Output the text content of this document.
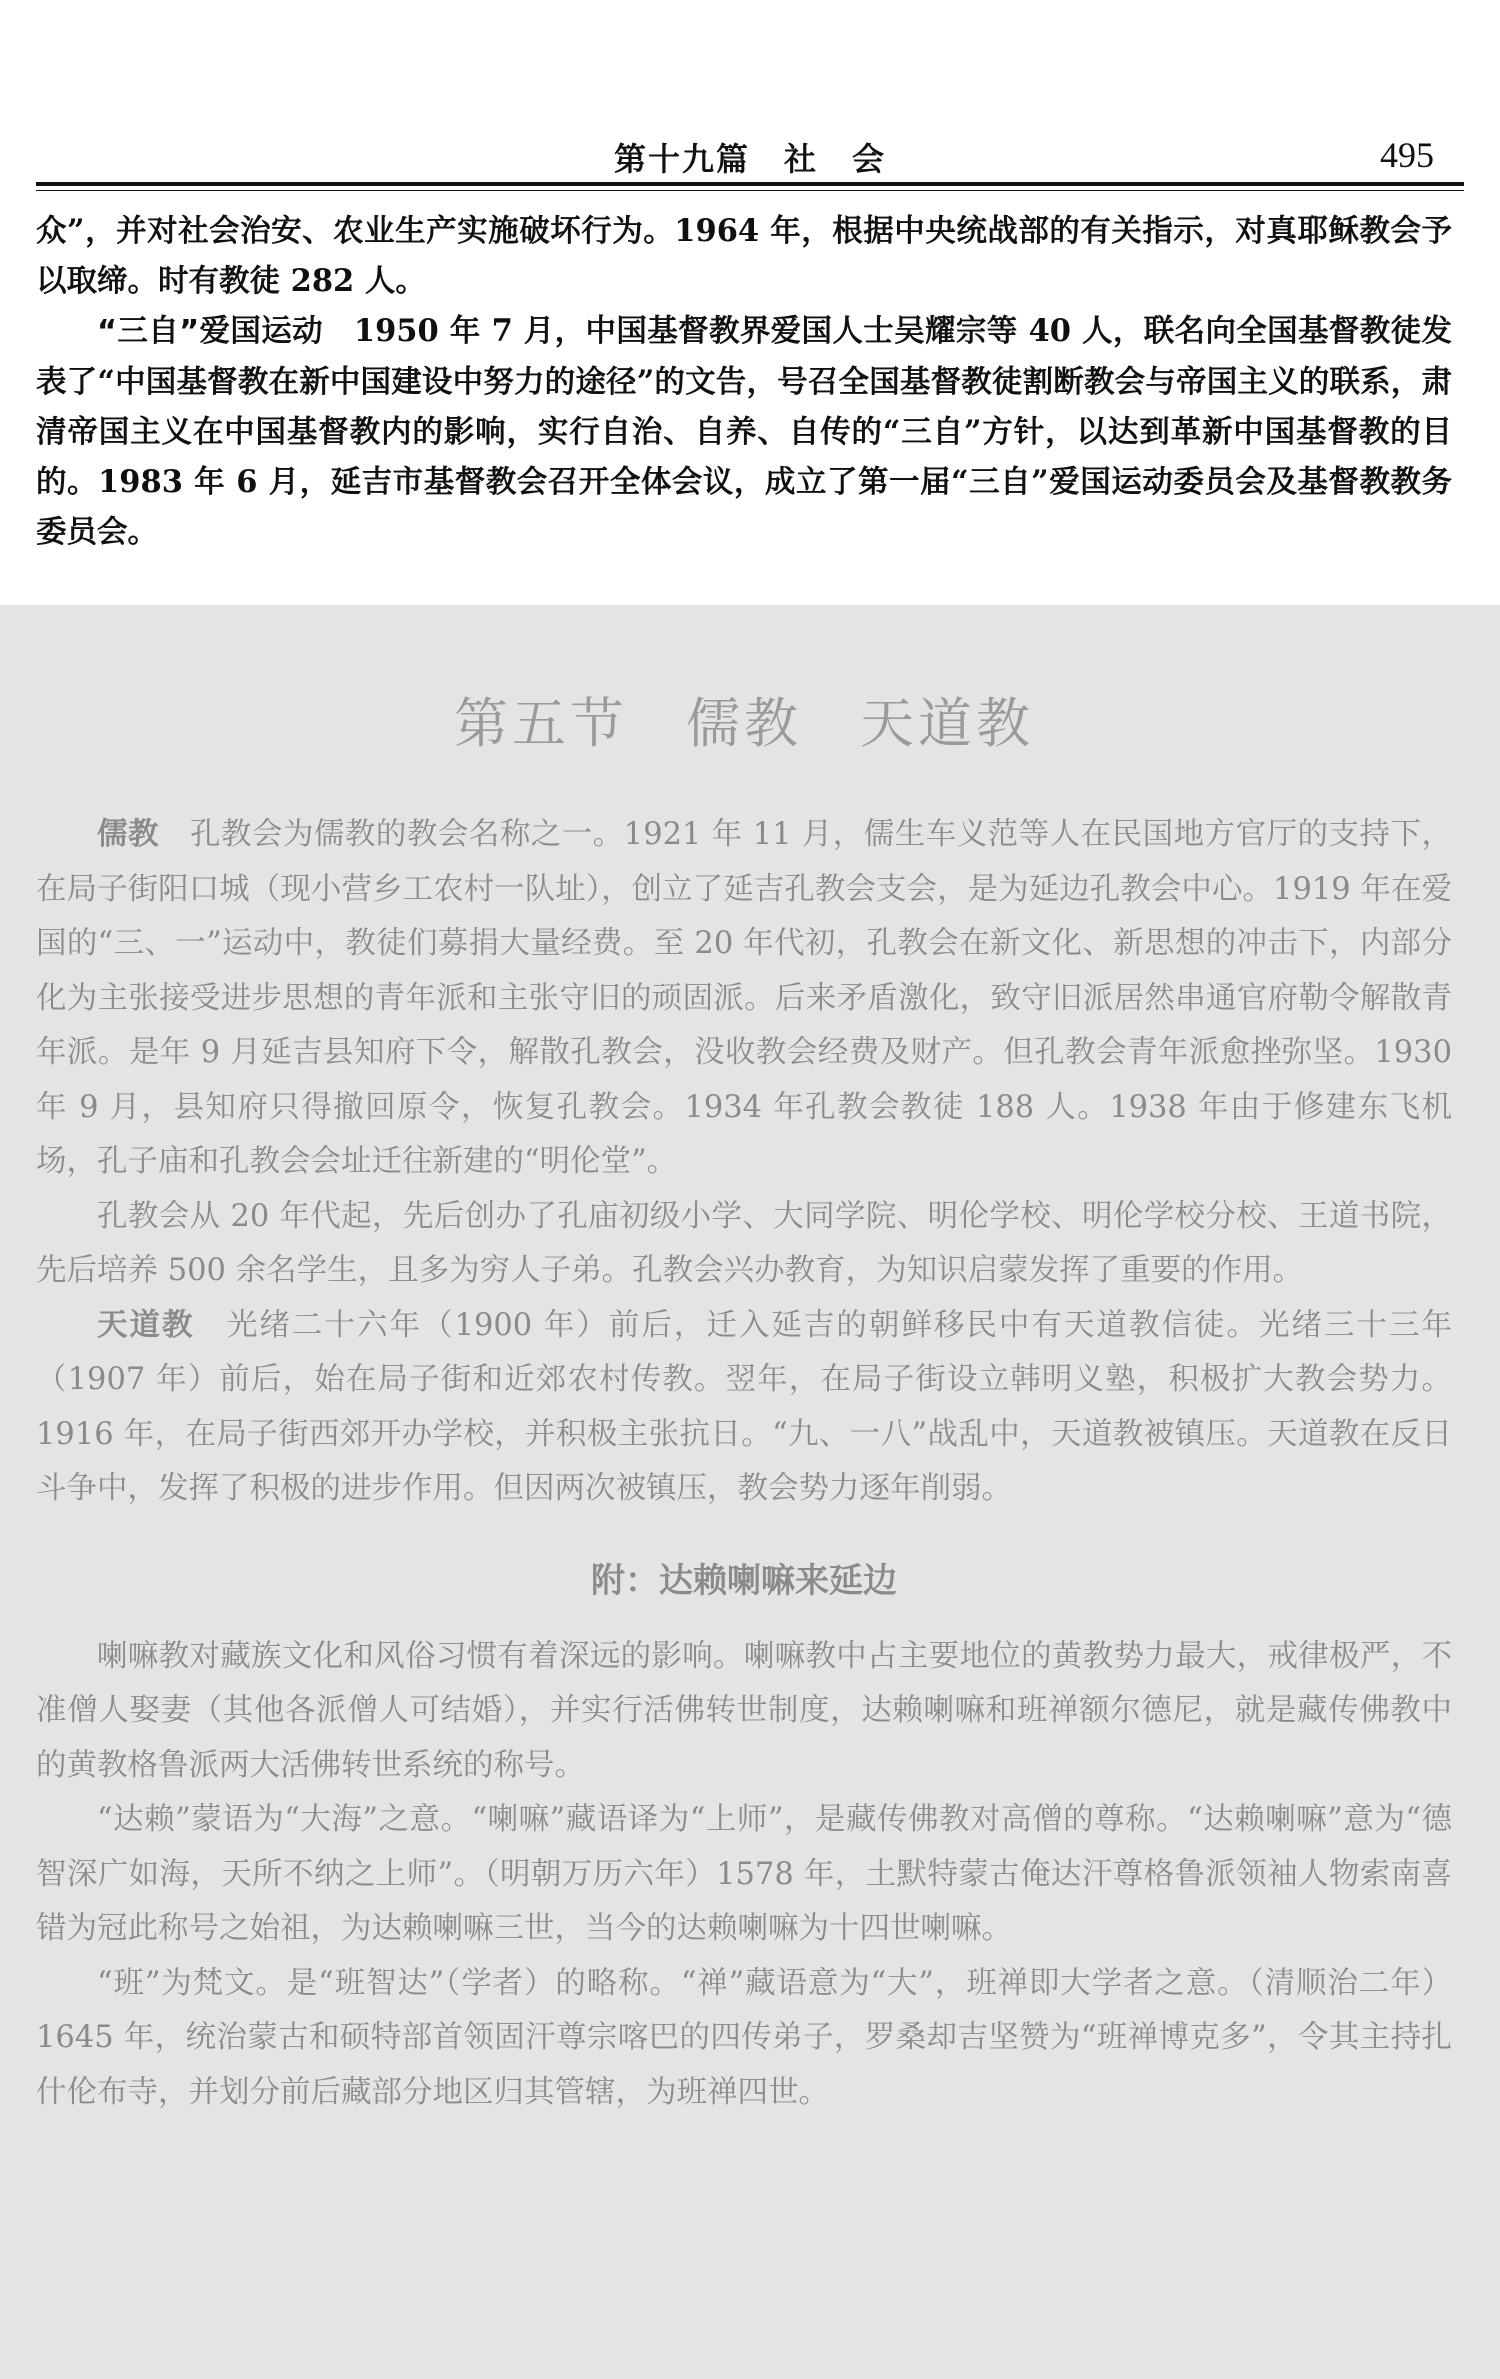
第十九篇　社　会	495

众”，并对社会治安、农业生产实施破坏行为。1964 年，根据中央统战部的有关指示，对真耶稣教会予以取缔。时有教徒 282 人。

“三自”爱国运动　1950 年 7 月，中国基督教界爱国人士吴耀宗等 40 人，联名向全国基督教徒发表了“中国基督教在新中国建设中努力的途径”的文告，号召全国基督教徒割断教会与帝国主义的联系，肃清帝国主义在中国基督教内的影响，实行自治、自养、自传的“三自”方针，以达到革新中国基督教的目的。1983 年 6 月，延吉市基督教会召开全体会议，成立了第一届“三自”爱国运动委员会及基督教教务委员会。

第五节　儒教　天道教

儒教　孔教会为儒教的教会名称之一。1921 年 11 月，儒生车义范等人在民国地方官厅的支持下，在局子街阳口城（现小营乡工农村一队址），创立了延吉孔教会支会，是为延边孔教会中心。1919 年在爱国的“三、一”运动中，教徒们募捐大量经费。至 20 年代初，孔教会在新文化、新思想的冲击下，内部分化为主张接受进步思想的青年派和主张守旧的顽固派。后来矛盾激化，致守旧派居然串通官府勒令解散青年派。是年 9 月延吉县知府下令，解散孔教会，没收教会经费及财产。但孔教会青年派愈挫弥坚。1930 年 9 月，县知府只得撤回原令，恢复孔教会。1934 年孔教会教徒 188 人。1938 年由于修建东飞机场，孔子庙和孔教会会址迁往新建的“明伦堂”。

孔教会从 20 年代起，先后创办了孔庙初级小学、大同学院、明伦学校、明伦学校分校、王道书院，先后培养 500 余名学生，且多为穷人子弟。孔教会兴办教育，为知识启蒙发挥了重要的作用。

天道教　光绪二十六年（1900 年）前后，迁入延吉的朝鲜移民中有天道教信徒。光绪三十三年（1907 年）前后，始在局子街和近郊农村传教。翌年，在局子街设立韩明义塾，积极扩大教会势力。1916 年，在局子街西郊开办学校，并积极主张抗日。“九、一八”战乱中，天道教被镇压。天道教在反日斗争中，发挥了积极的进步作用。但因两次被镇压，教会势力逐年削弱。

附：达赖喇嘛来延边

喇嘛教对藏族文化和风俗习惯有着深远的影响。喇嘛教中占主要地位的黄教势力最大，戒律极严，不准僧人娶妻（其他各派僧人可结婚），并实行活佛转世制度，达赖喇嘛和班禅额尔德尼，就是藏传佛教中的黄教格鲁派两大活佛转世系统的称号。

“达赖”蒙语为“大海”之意。“喇嘛”藏语译为“上师”，是藏传佛教对高僧的尊称。“达赖喇嘛”意为“德智深广如海，天所不纳之上师”。（明朝万历六年）1578 年，土默特蒙古俺达汗尊格鲁派领袖人物索南喜错为冠此称号之始祖，为达赖喇嘛三世，当今的达赖喇嘛为十四世喇嘛。

“班”为梵文。是“班智达”（学者）的略称。“禅”藏语意为“大”，班禅即大学者之意。（清顺治二年）1645 年，统治蒙古和硕特部首领固汗尊宗喀巴的四传弟子，罗桑却吉坚赞为“班禅博克多”，令其主持扎什伦布寺，并划分前后藏部分地区归其管辖，为班禅四世。
